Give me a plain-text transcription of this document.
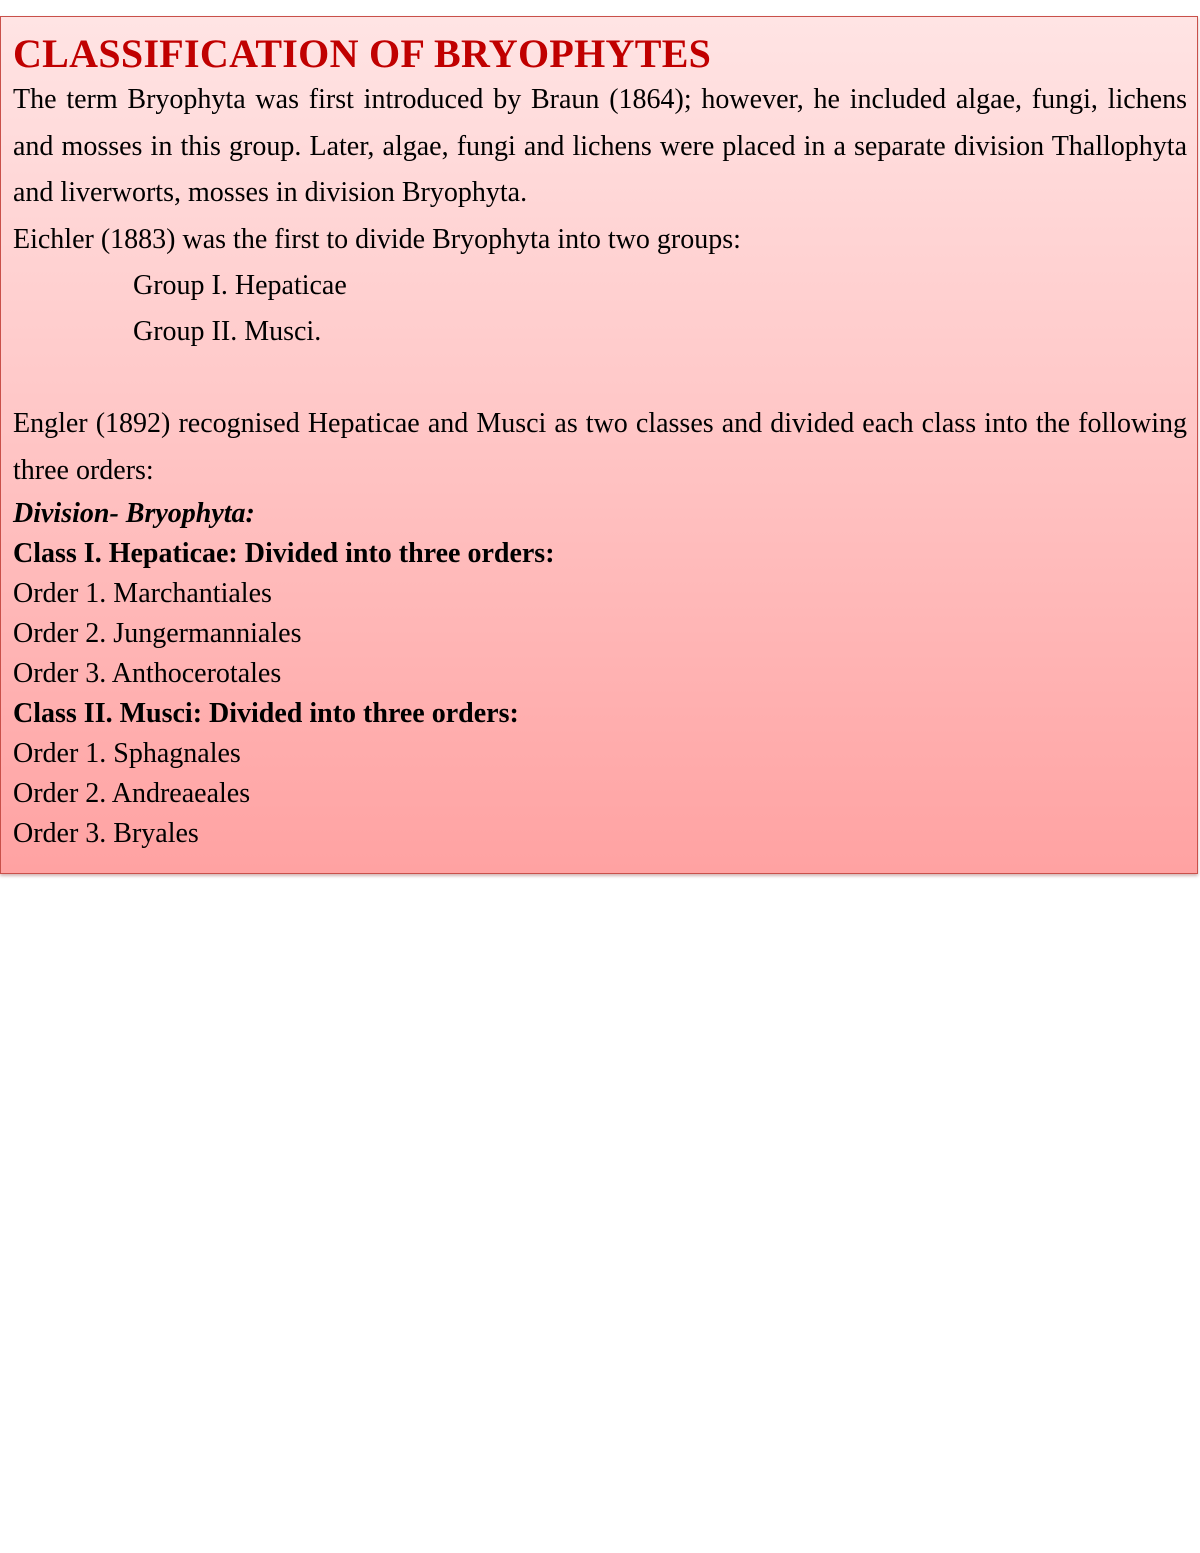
CLASSIFICATION OF BRYOPHYTES

The term Bryophyta was first introduced by Braun (1864); however, he included algae, fungi, lichens and mosses in this group. Later, algae, fungi and lichens were placed in a separate division Thallophyta and liverworts, mosses in division Bryophyta.

Eichler (1883) was the first to divide Bryophyta into two groups:

Group I. Hepaticae

Group II. Musci.

Engler (1892) recognised Hepaticae and Musci as two classes and divided each class into the following three orders:

Division- Bryophyta:

Class I. Hepaticae: Divided into three orders:

Order 1. Marchantiales

Order 2. Jungermanniales

Order 3. Anthocerotales

Class II. Musci: Divided into three orders:

Order 1. Sphagnales

Order 2. Andreaeales

Order 3. Bryales
